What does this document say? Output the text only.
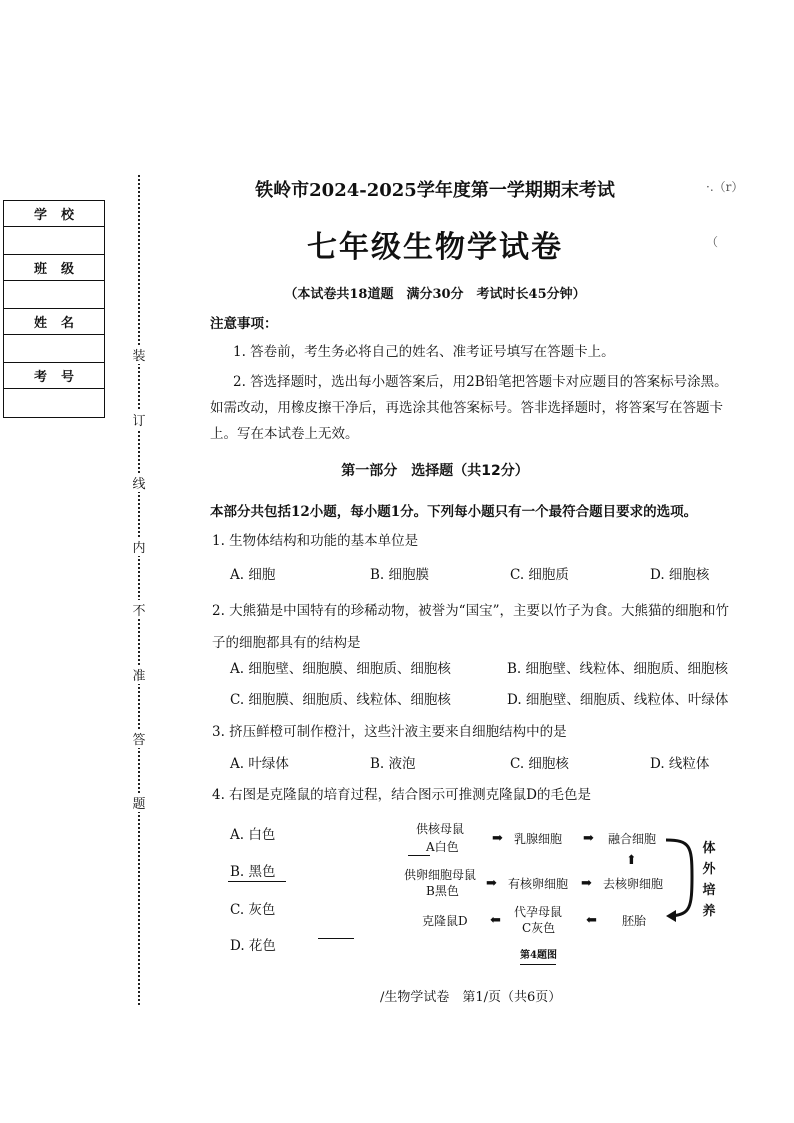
学校
班级
姓名
考号
装
订
线
内
不
准
答
题
铁岭市2024-2025学年度第一学期期末考试
七年级生物学试卷
（本试卷共18道题　满分30分　考试时长45分钟）
·.（r）
（
注意事项：
1. 答卷前，考生务必将自己的姓名、准考证号填写在答题卡上。
2. 答选择题时，选出每小题答案后，用2B铅笔把答题卡对应题目的答案标号涂黑。如需改动，用橡皮擦干净后，再选涂其他答案标号。答非选择题时，将答案写在答题卡上。写在本试卷上无效。
第一部分　选择题（共12分）
本部分共包括12小题，每小题1分。下列每小题只有一个最符合题目要求的选项。
1. 生物体结构和功能的基本单位是
A. 细胞	B. 细胞膜	C. 细胞质	D. 细胞核
2. 大熊猫是中国特有的珍稀动物，被誉为“国宝”，主要以竹子为食。大熊猫的细胞和竹子的细胞都具有的结构是
A. 细胞壁、细胞膜、细胞质、细胞核	B. 细胞壁、线粒体、细胞质、细胞核
C. 细胞膜、细胞质、线粒体、细胞核	D. 细胞壁、细胞质、线粒体、叶绿体
3. 挤压鲜橙可制作橙汁，这些汁液主要来自细胞结构中的是
A. 叶绿体	B. 液泡	C. 细胞核	D. 线粒体
4. 右图是克隆鼠的培育过程，结合图示可推测克隆鼠D的毛色是
A. 白色
B. 黑色
C. 灰色
D. 花色
供核母鼠
A白色
➡ 乳腺细胞 ➡ 融合细胞
⬆
供卵细胞母鼠
B黑色 ➡ 有核卵细胞 ➡ 去核卵细胞
克隆鼠D ⬅
代孕母鼠
C灰色 ⬅ 胚胎
体外培养
第4题图
/生物学试卷　第1/页（共6页）
